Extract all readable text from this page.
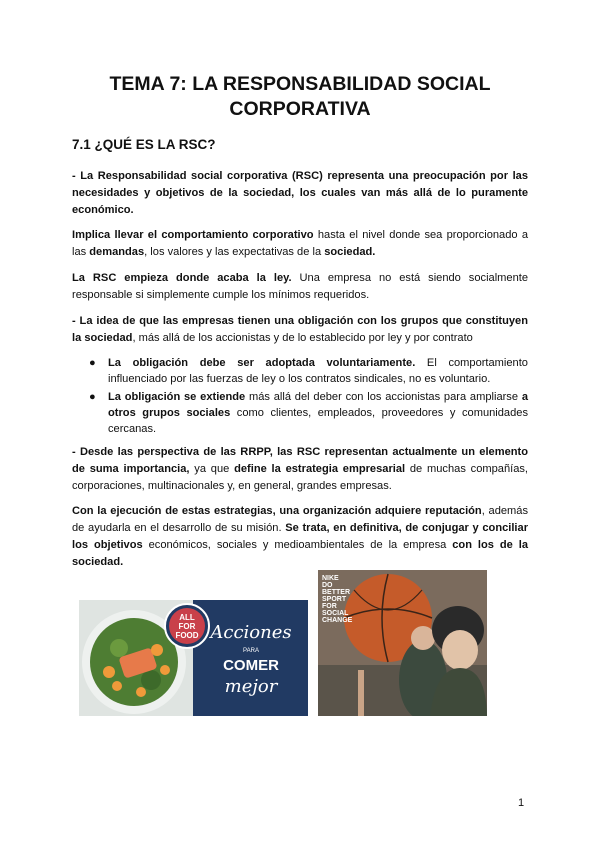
TEMA 7: LA RESPONSABILIDAD SOCIAL
CORPORATIVA
7.1 ¿QUÉ ES LA RSC?

- La Responsabilidad social corporativa (RSC) representa una preocupación por las necesidades y objetivos de la sociedad, los cuales van más allá de lo puramente económico.

Implica llevar el comportamiento corporativo hasta el nivel donde sea proporcionado a las demandas, los valores y las expectativas de la sociedad.

La RSC empieza donde acaba la ley. Una empresa no está siendo socialmente responsable si simplemente cumple los mínimos requeridos.

- La idea de que las empresas tienen una obligación con los grupos que constituyen la sociedad, más allá de los accionistas y de lo establecido por ley y por contrato

● La obligación debe ser adoptada voluntariamente. El comportamiento influenciado por las fuerzas de ley o los contratos sindicales, no es voluntario.
● La obligación se extiende más allá del deber con los accionistas para ampliarse a otros grupos sociales como clientes, empleados, proveedores y comunidades cercanas.

- Desde las perspectiva de las RRPP, las RSC representan actualmente un elemento de suma importancia, ya que define la estrategia empresarial de muchas compañías, corporaciones, multinacionales y, en general, grandes empresas.

Con la ejecución de estas estrategias, una organización adquiere reputación, además de ayudarla en el desarrollo de su misión. Se trata, en definitiva, de conjugar y conciliar los objetivos económicos, sociales y medioambientales de la empresa con los de la sociedad.

ALL
FOR
FOOD Acciones
PARA
COMER
mejor
NIKE
DO
BETTER
SPORT
FOR
SOCIAL
CHANGE
1
